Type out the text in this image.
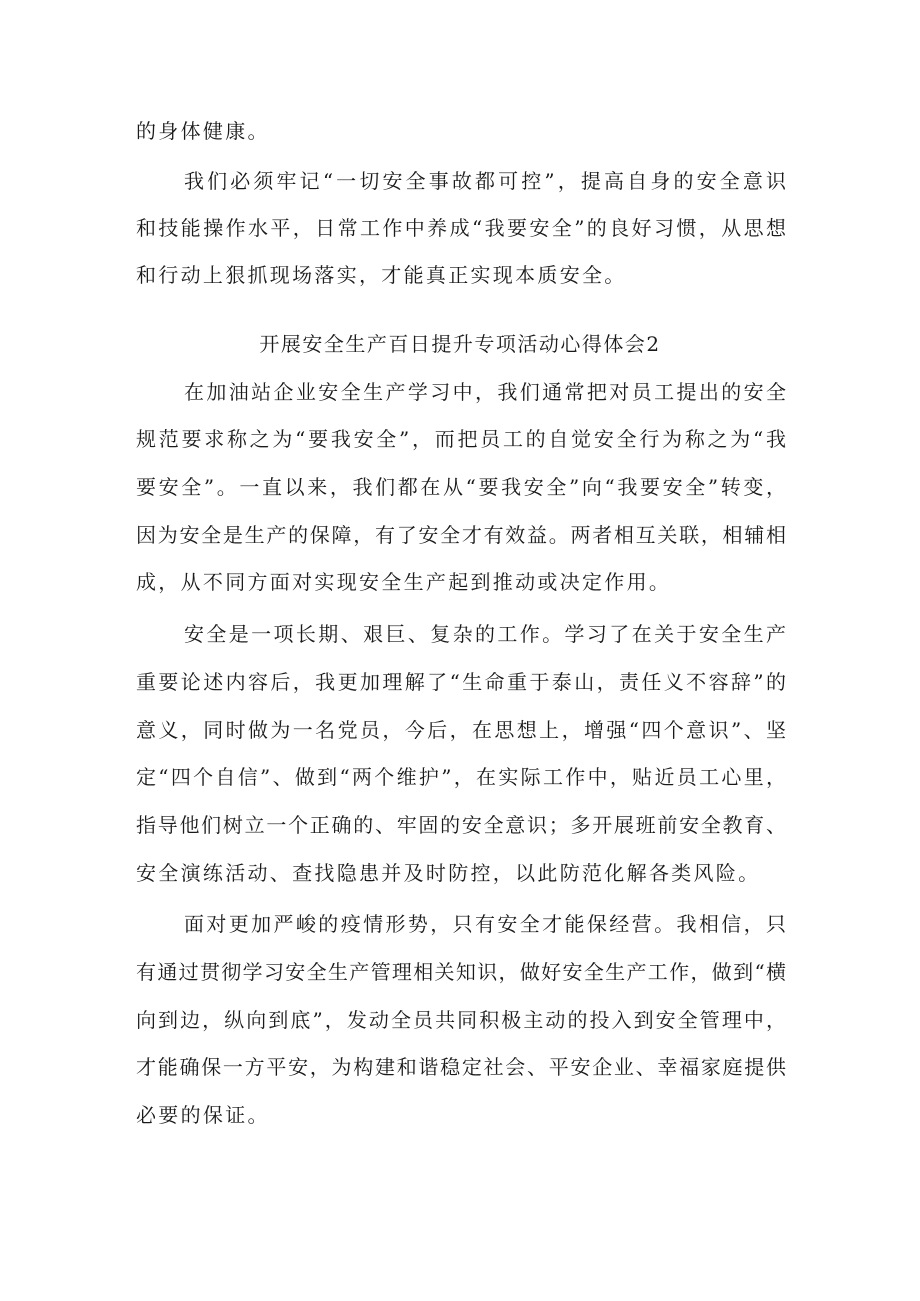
的身体健康。
我们必须牢记“一切安全事故都可控”，提高自身的安全意识
和技能操作水平，日常工作中养成“我要安全”的良好习惯，从思想
和行动上狠抓现场落实，才能真正实现本质安全。
开展安全生产百日提升专项活动心得体会2
在加油站企业安全生产学习中，我们通常把对员工提出的安全
规范要求称之为“要我安全”，而把员工的自觉安全行为称之为“我
要安全”。一直以来，我们都在从“要我安全”向“我要安全”转变，
因为安全是生产的保障，有了安全才有效益。两者相互关联，相辅相
成，从不同方面对实现安全生产起到推动或决定作用。
安全是一项长期、艰巨、复杂的工作。学习了在关于安全生产
重要论述内容后，我更加理解了“生命重于泰山，责任义不容辞”的
意义，同时做为一名党员，今后，在思想上，增强“四个意识”、坚
定“四个自信”、做到“两个维护”，在实际工作中，贴近员工心里，
指导他们树立一个正确的、牢固的安全意识；多开展班前安全教育、
安全演练活动、查找隐患并及时防控，以此防范化解各类风险。
面对更加严峻的疫情形势，只有安全才能保经营。我相信，只
有通过贯彻学习安全生产管理相关知识，做好安全生产工作，做到“横
向到边，纵向到底”，发动全员共同积极主动的投入到安全管理中，
才能确保一方平安，为构建和谐稳定社会、平安企业、幸福家庭提供
必要的保证。
